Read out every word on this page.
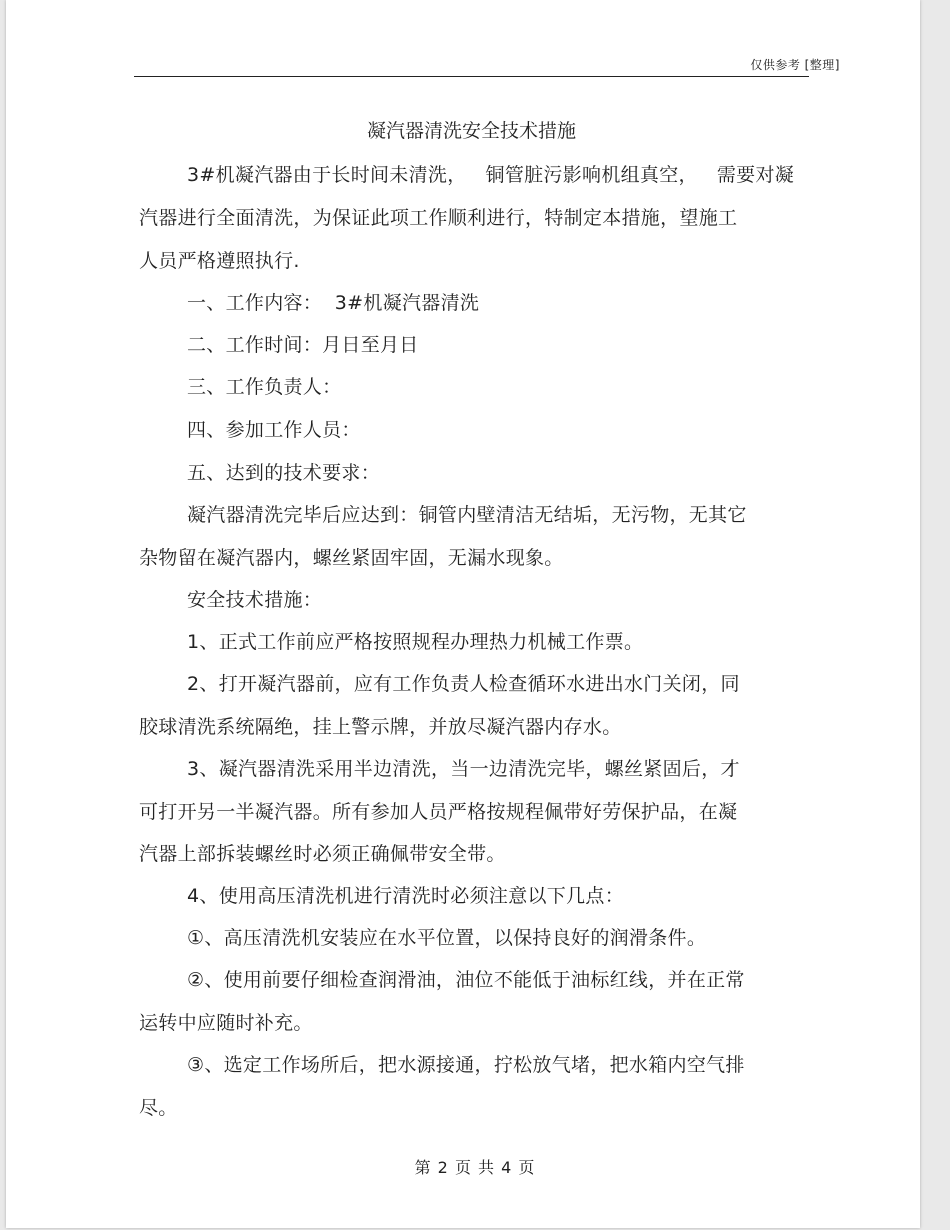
仅供参考 [整理]
凝汽器清洗安全技术措施
3#机凝汽器由于长时间未清洗，   铜管脏污影响机组真空，   需要对凝
汽器进行全面清洗，为保证此项工作顺利进行，特制定本措施，望施工
人员严格遵照执行.
一、工作内容：  3#机凝汽器清洗
二、工作时间：月日至月日
三、工作负责人：
四、参加工作人员：
五、达到的技术要求：
凝汽器清洗完毕后应达到：铜管内壁清洁无结垢，无污物，无其它
杂物留在凝汽器内，螺丝紧固牢固，无漏水现象。
安全技术措施：
1、正式工作前应严格按照规程办理热力机械工作票。
2、打开凝汽器前，应有工作负责人检查循环水进出水门关闭，同
胶球清洗系统隔绝，挂上警示牌，并放尽凝汽器内存水。
3、凝汽器清洗采用半边清洗，当一边清洗完毕，螺丝紧固后，才
可打开另一半凝汽器。所有参加人员严格按规程佩带好劳保护品，在凝
汽器上部拆装螺丝时必须正确佩带安全带。
4、使用高压清洗机进行清洗时必须注意以下几点：
①、高压清洗机安装应在水平位置，以保持良好的润滑条件。
②、使用前要仔细检查润滑油，油位不能低于油标红线，并在正常
运转中应随时补充。
③、选定工作场所后，把水源接通，拧松放气堵，把水箱内空气排
尽。
第 2 页 共 4 页
